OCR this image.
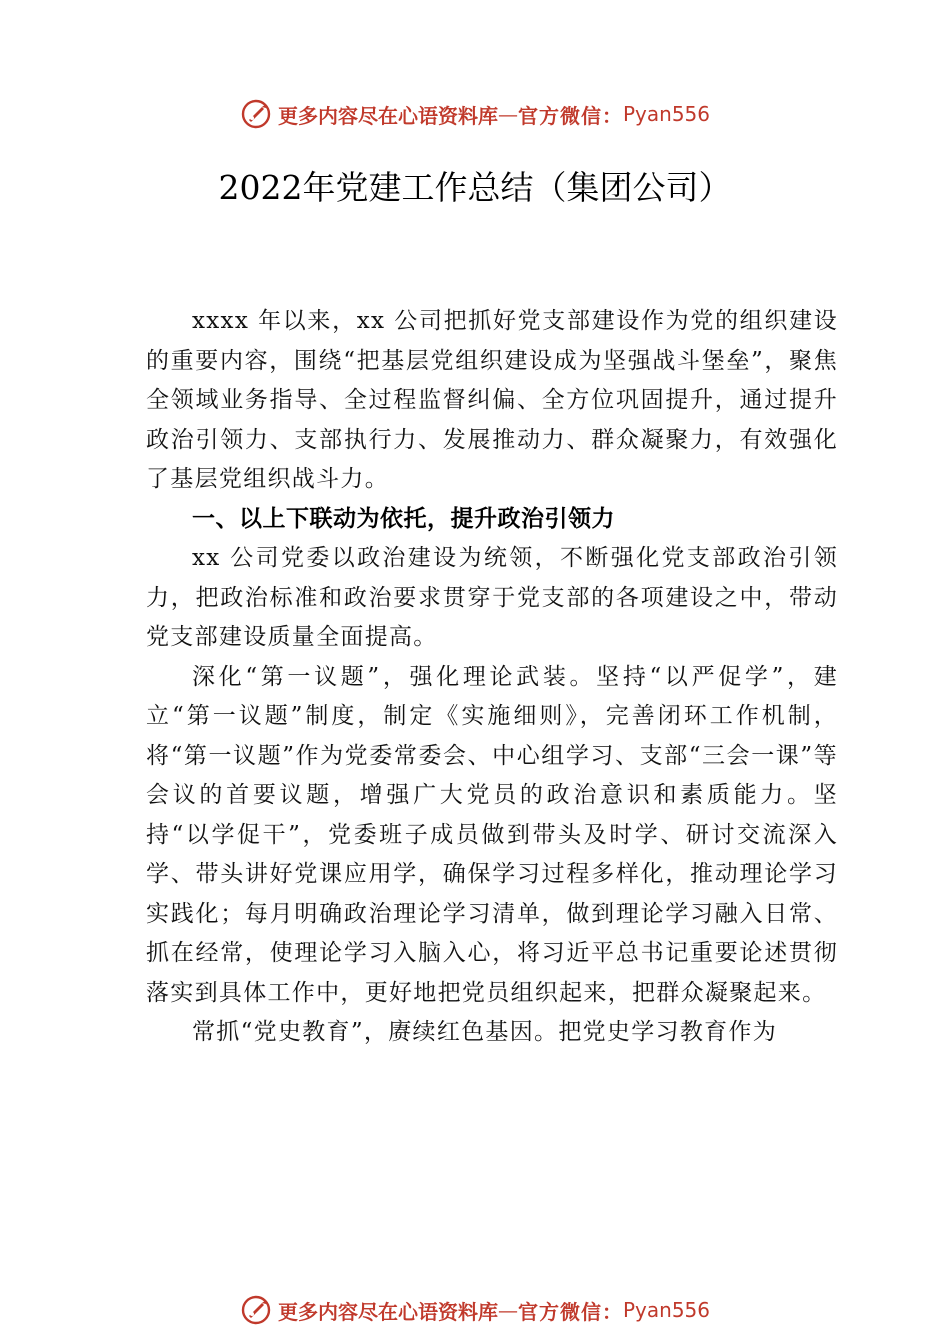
更多内容尽在心语资料库 — 官方微信： Pyan556
2022年党建工作总结（集团公司）

xxxx 年以来，xx 公司把抓好党支部建设作为党的组织建设的重要内容，围绕“把基层党组织建设成为坚强战斗堡垒”，聚焦全领域业务指导、全过程监督纠偏、全方位巩固提升，通过提升政治引领力、支部执行力、发展推动力、群众凝聚力，有效强化了基层党组织战斗力。

一、以上下联动为依托，提升政治引领力

xx 公司党委以政治建设为统领，不断强化党支部政治引领力，把政治标准和政治要求贯穿于党支部的各项建设之中，带动党支部建设质量全面提高。

深化“第一议题”，强化理论武装。坚持“以严促学”，建立“第一议题”制度，制定《实施细则》，完善闭环工作机制，将“第一议题”作为党委常委会、中心组学习、支部“三会一课”等会议的首要议题，增强广大党员的政治意识和素质能力。坚持“以学促干”，党委班子成员做到带头及时学、研讨交流深入学、带头讲好党课应用学，确保学习过程多样化，推动理论学习实践化；每月明确政治理论学习清单，做到理论学习融入日常、抓在经常，使理论学习入脑入心，将习近平总书记重要论述贯彻落实到具体工作中，更好地把党员组织起来，把群众凝聚起来。

常抓“党史教育”，赓续红色基因。把党史学习教育作为

更多内容尽在心语资料库 — 官方微信： Pyan556
